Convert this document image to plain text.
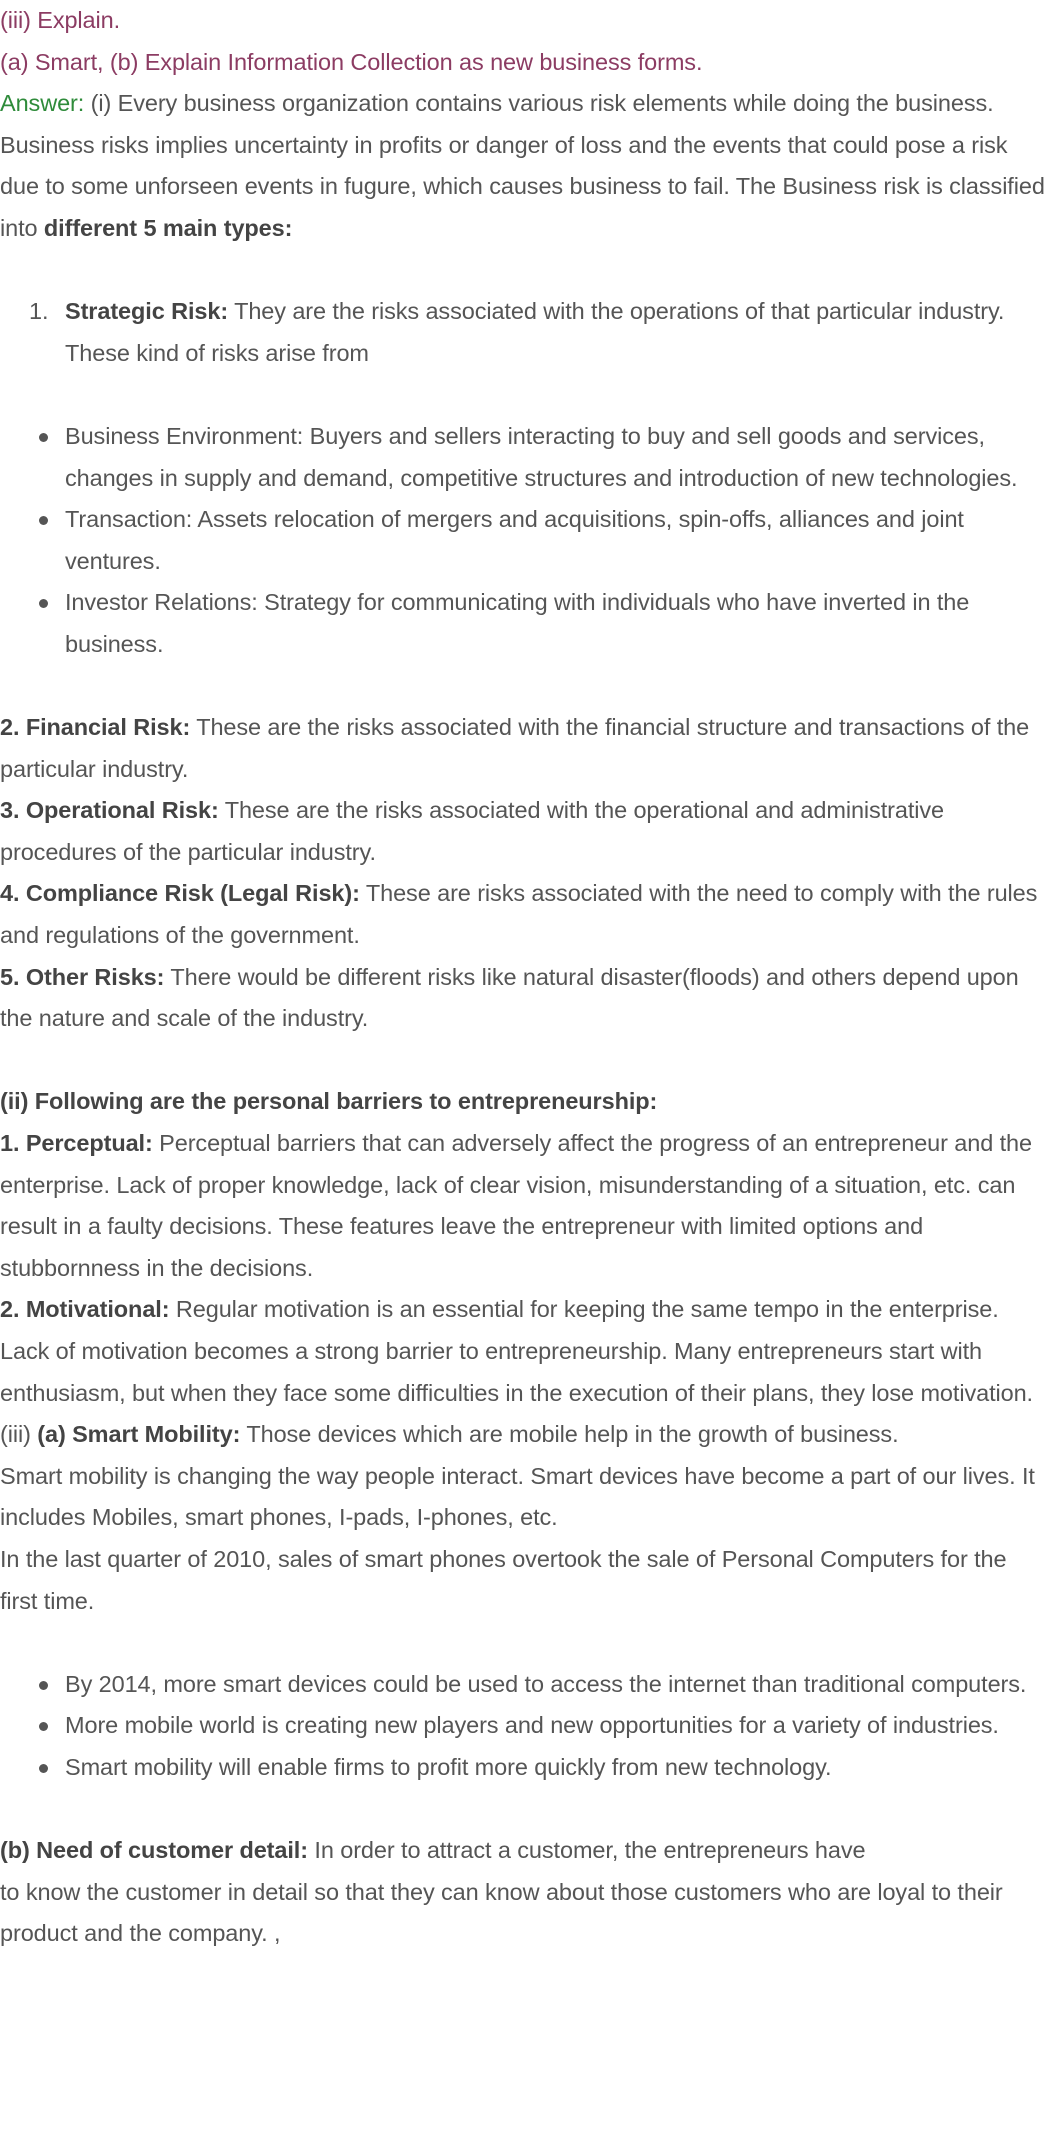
(iii) Explain.

(a) Smart, (b) Explain Information Collection as new business forms.

Answer: (i) Every business organization contains various risk elements while doing the business.

Business risks implies uncertainty in profits or danger of loss and the events that could pose a risk due to some unforseen events in fugure, which causes business to fail. The Business risk is classified into different 5 main types:

1. Strategic Risk: They are the risks associated with the operations of that particular industry. These kind of risks arise from
Business Environment: Buyers and sellers interacting to buy and sell goods and services, changes in supply and demand, competitive structures and introduction of new technologies.
Transaction: Assets relocation of mergers and acquisitions, spin-offs, alliances and joint ventures.
Investor Relations: Strategy for communicating with individuals who have inverted in the business.

2. Financial Risk: These are the risks associated with the financial structure and transactions of the particular industry.

3. Operational Risk: These are the risks associated with the operational and administrative procedures of the particular industry.

4. Compliance Risk (Legal Risk): These are risks associated with the need to comply with the rules and regulations of the government.

5. Other Risks: There would be different risks like natural disaster(floods) and others depend upon the nature and scale of the industry.

(ii) Following are the personal barriers to entrepreneurship:

1. Perceptual: Perceptual barriers that can adversely affect the progress of an entrepreneur and the enterprise. Lack of proper knowledge, lack of clear vision, misunderstanding of a situation, etc. can result in a faulty decisions. These features leave the entrepreneur with limited options and stubbornness in the decisions.

2. Motivational: Regular motivation is an essential for keeping the same tempo in the enterprise. Lack of motivation becomes a strong barrier to entrepreneurship. Many entrepreneurs start with enthusiasm, but when they face some difficulties in the execution of their plans, they lose motivation.

(iii) (a) Smart Mobility: Those devices which are mobile help in the growth of business.

Smart mobility is changing the way people interact. Smart devices have become a part of our lives. It includes Mobiles, smart phones, I-pads, I-phones, etc.

In the last quarter of 2010, sales of smart phones overtook the sale of Personal Computers for the first time.

By 2014, more smart devices could be used to access the internet than traditional computers.
More mobile world is creating new players and new opportunities for a variety of industries.
Smart mobility will enable firms to profit more quickly from new technology.

(b) Need of customer detail: In order to attract a customer, the entrepreneurs have

to know the customer in detail so that they can know about those customers who are loyal to their product and the company. ,
